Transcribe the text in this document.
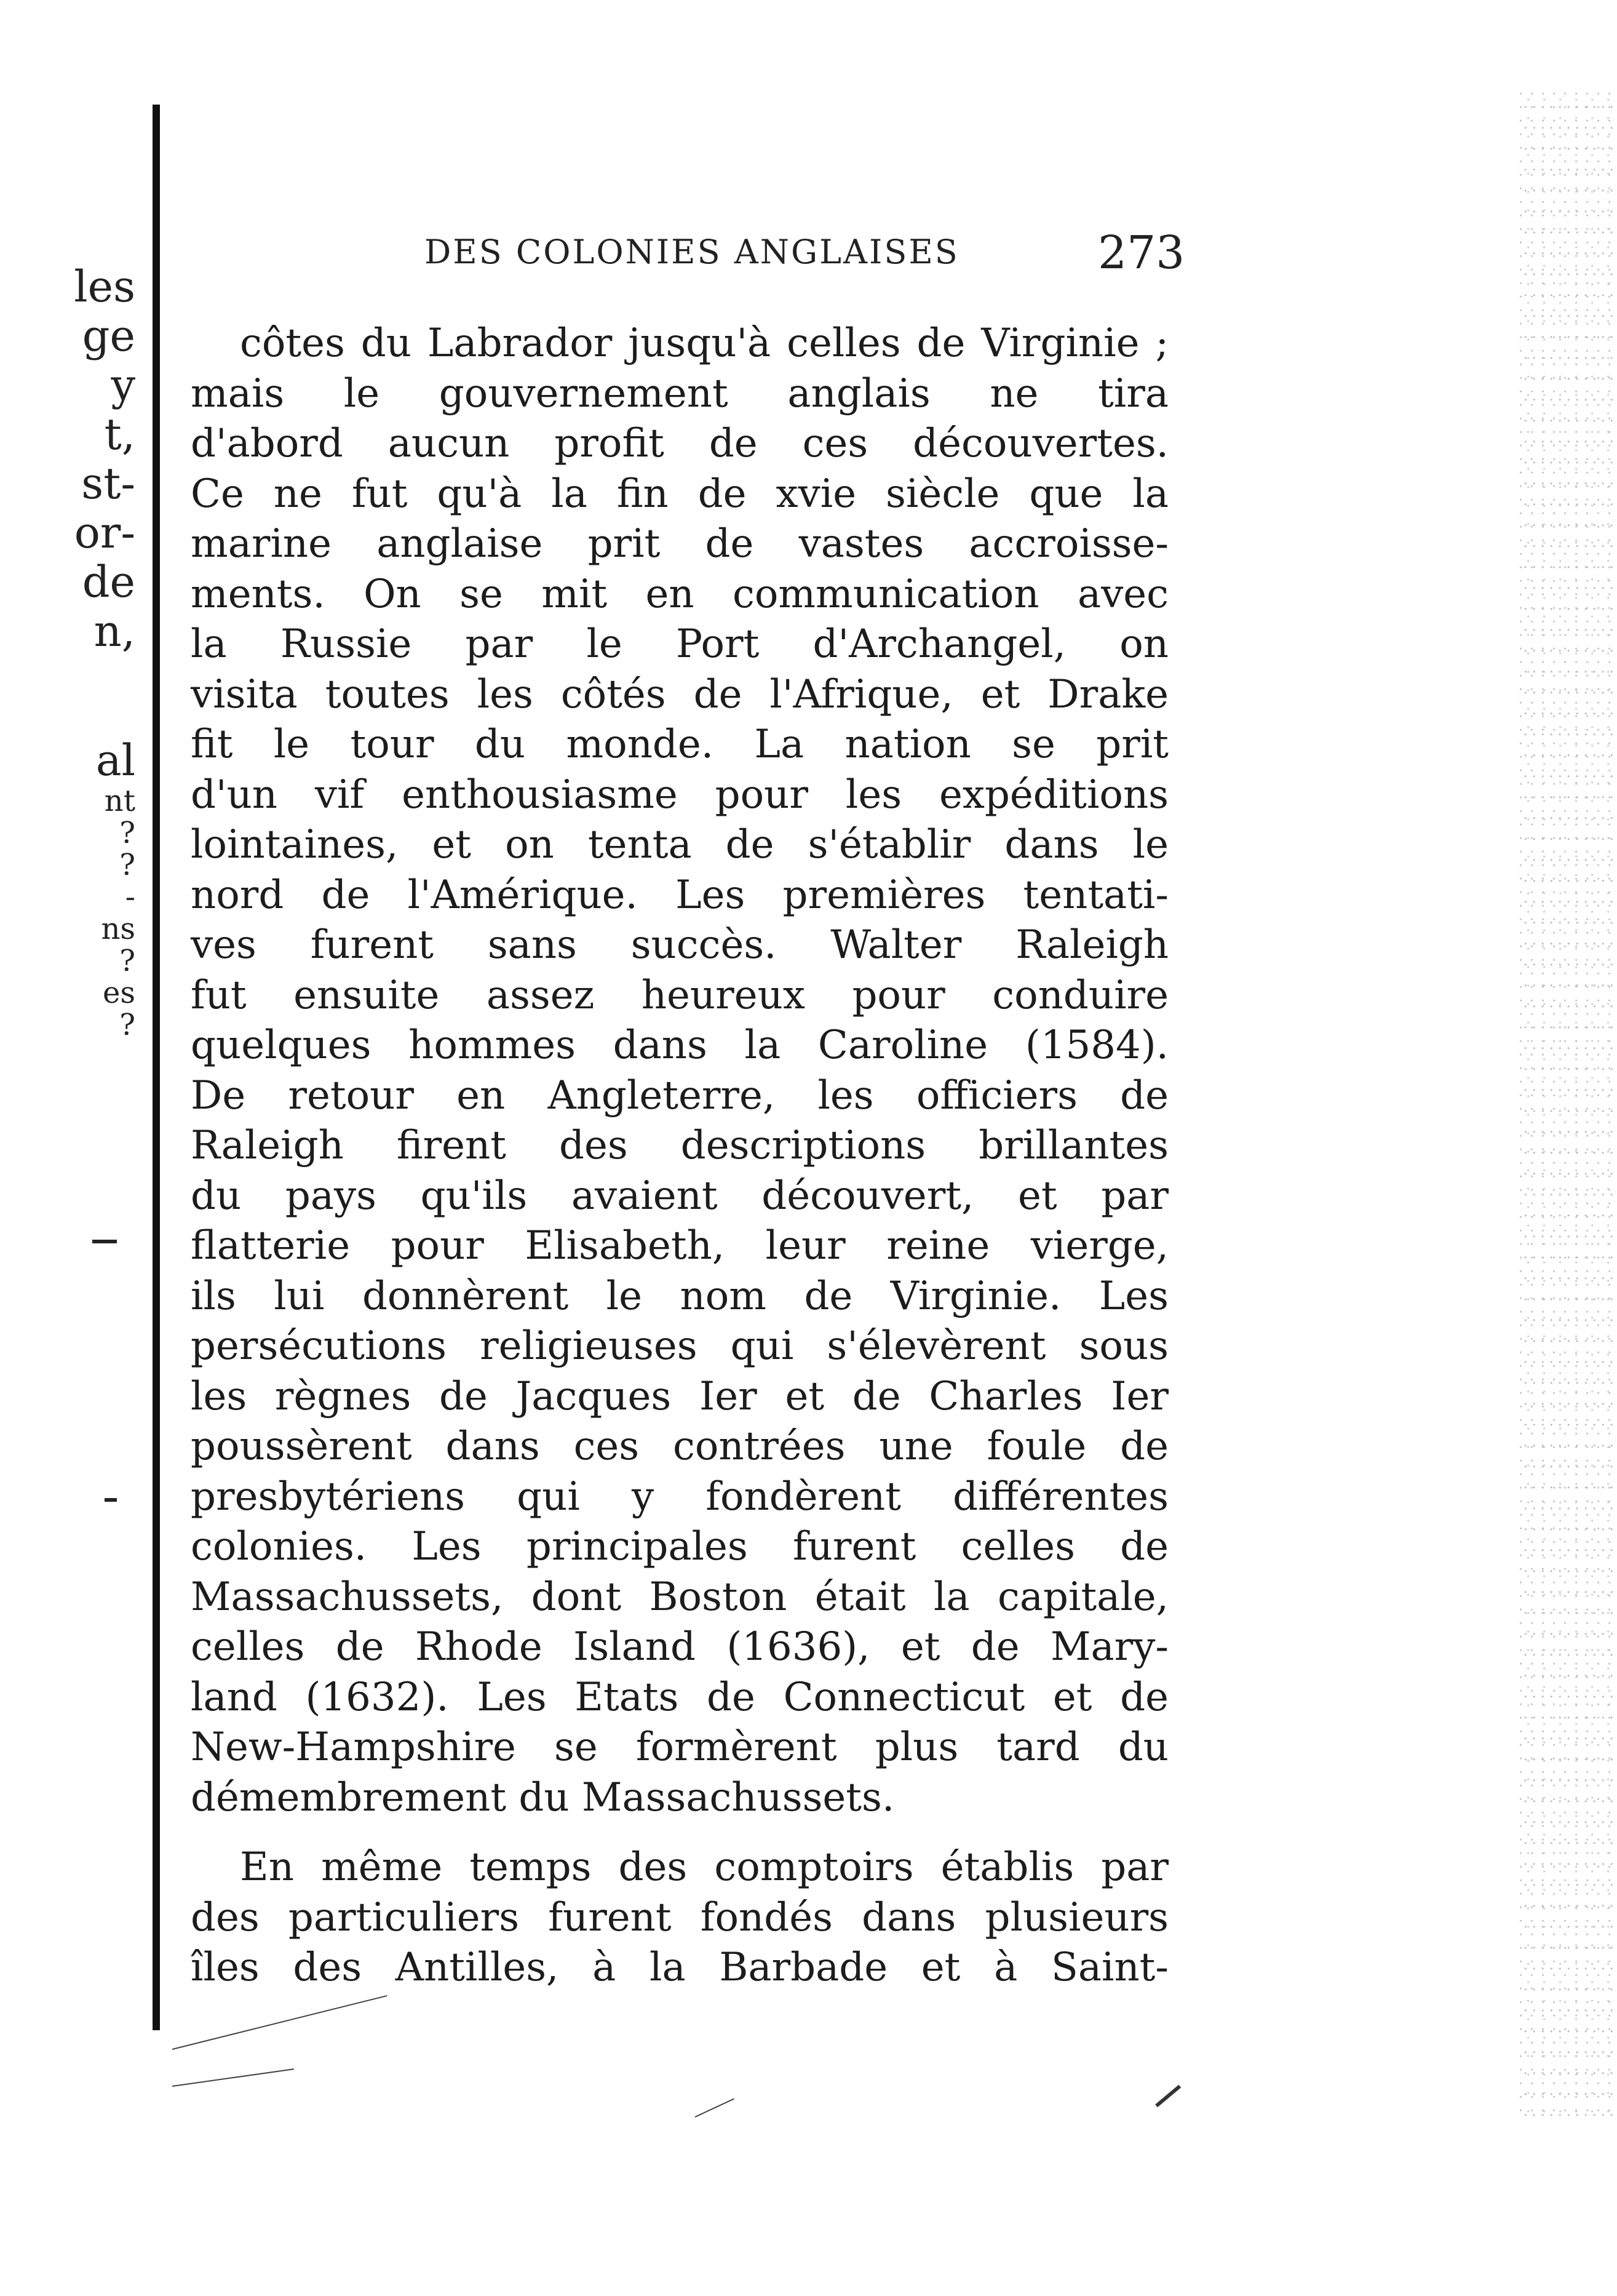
les
ge
y
t,
st-
or-
de
n,
al
nt
?
?
-
ns
?
es
?
DES COLONIES ANGLAISES	273
côtes du Labrador jusqu'à celles de Virginie ;
mais le gouvernement anglais ne tira
d'abord aucun profit de ces découvertes.
Ce ne fut qu'à la fin de xvie siècle que la
marine anglaise prit de vastes accroisse-
ments. On se mit en communication avec
la Russie par le Port d'Archangel, on
visita toutes les côtés de l'Afrique, et Drake
fit le tour du monde. La nation se prit
d'un vif enthousiasme pour les expéditions
lointaines, et on tenta de s'établir dans le
nord de l'Amérique. Les premières tentati-
ves furent sans succès. Walter Raleigh
fut ensuite assez heureux pour conduire
quelques hommes dans la Caroline (1584).
De retour en Angleterre, les officiers de
Raleigh firent des descriptions brillantes
du pays qu'ils avaient découvert, et par
flatterie pour Elisabeth, leur reine vierge,
ils lui donnèrent le nom de Virginie. Les
persécutions religieuses qui s'élevèrent sous
les règnes de Jacques Ier et de Charles Ier
poussèrent dans ces contrées une foule de
presbytériens qui y fondèrent différentes
colonies. Les principales furent celles de
Massachussets, dont Boston était la capitale,
celles de Rhode Island (1636), et de Mary-
land (1632). Les Etats de Connecticut et de
New-Hampshire se formèrent plus tard du
démembrement du Massachussets.
En même temps des comptoirs établis par
des particuliers furent fondés dans plusieurs
îles des Antilles, à la Barbade et à Saint-
